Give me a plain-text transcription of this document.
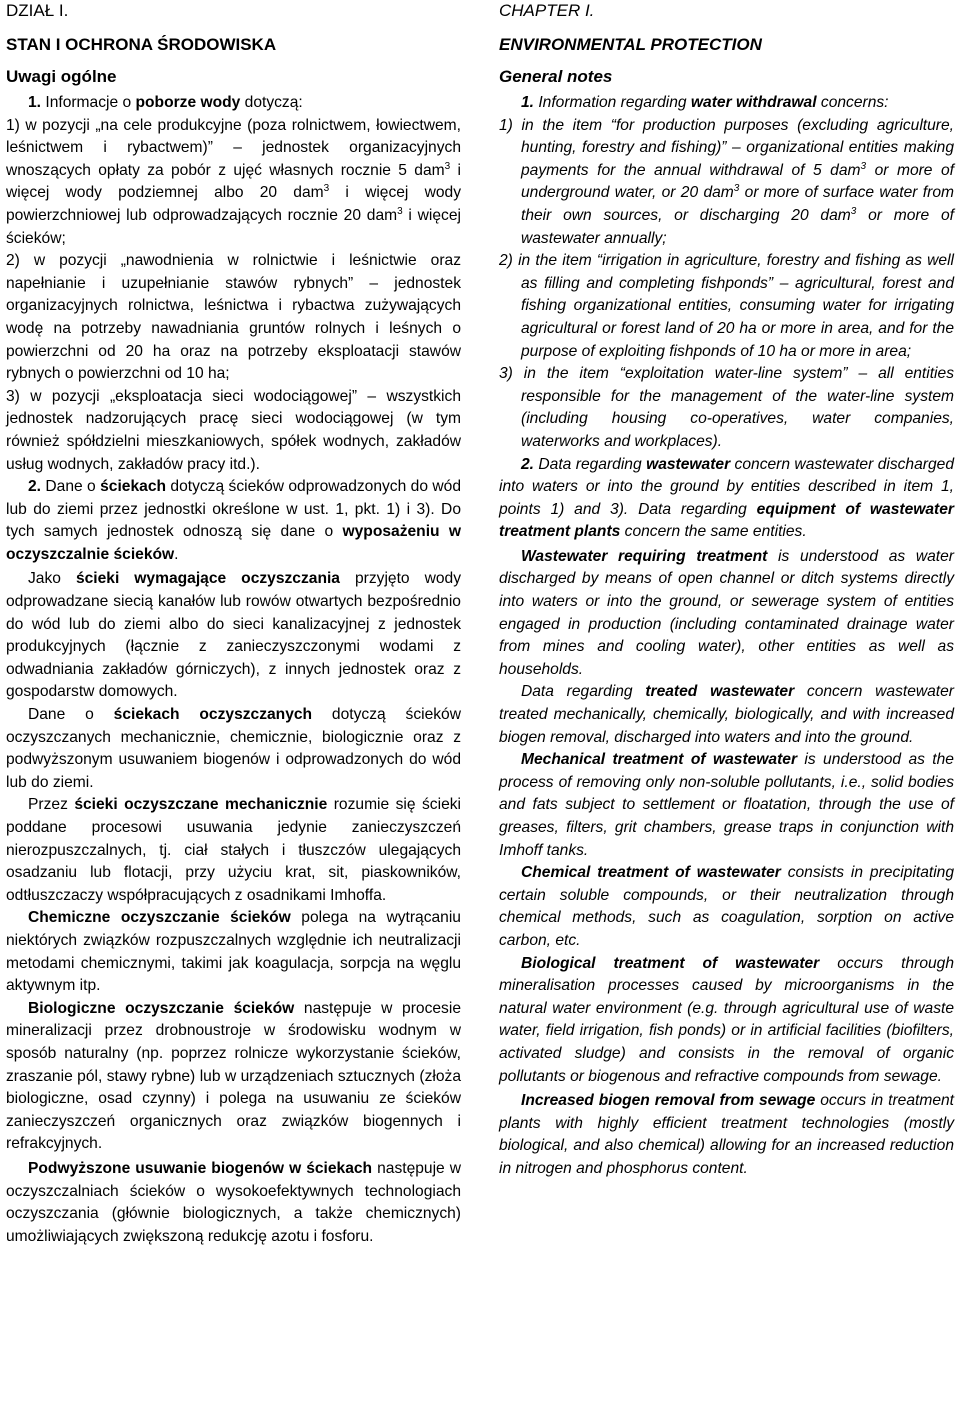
DZIAŁ I.

STAN I OCHRONA ŚRODOWISKA

Uwagi ogólne

1. Informacje o poborze wody dotyczą:

1) w pozycji „na cele produkcyjne (poza rolnictwem, łowiectwem, leśnictwem i rybactwem)” – jednostek organizacyjnych wnoszących opłaty za pobór z ujęć własnych rocznie 5 dam$^3$ i więcej wody podziemnej albo 20 dam$^3$ i więcej wody powierzchniowej lub odprowadzających rocznie 20 dam$^3$ i więcej ścieków;

2) w pozycji „nawodnienia w rolnictwie i leśnictwie oraz napełnianie i uzupełnianie stawów rybnych” – jednostek organizacyjnych rolnictwa, leśnictwa i rybactwa zużywających wodę na potrzeby nawadniania gruntów rolnych i leśnych o powierzchni od 20 ha oraz na potrzeby eksploatacji stawów rybnych o powierzchni od 10 ha;

3) w pozycji „eksploatacja sieci wodociągowej” – wszystkich jednostek nadzorujących pracę sieci wodociągowej (w tym również spółdzielni mieszkaniowych, spółek wodnych, zakładów usług wodnych, zakładów pracy itd.).

2. Dane o ściekach dotyczą ścieków odprowadzonych do wód lub do ziemi przez jednostki określone w ust. 1, pkt. 1) i 3). Do tych samych jednostek odnoszą się dane o wyposażeniu w oczyszczalnie ścieków.

Jako ścieki wymagające oczyszczania przyjęto wody odprowadzane siecią kanałów lub rowów otwartych bezpośrednio do wód lub do ziemi albo do sieci kanalizacyjnej z jednostek produkcyjnych (łącznie z zanieczyszczonymi wodami z odwadniania zakładów górniczych), z innych jednostek oraz z gospodarstw domowych.

Dane o ściekach oczyszczanych dotyczą ścieków oczyszczanych mechanicznie, chemicznie, biologicznie oraz z podwyższonym usuwaniem biogenów i odprowadzonych do wód lub do ziemi.

Przez ścieki oczyszczane mechanicznie rozumie się ścieki poddane procesowi usuwania jedynie zanieczyszczeń nierozpuszczalnych, tj. ciał stałych i tłuszczów ulegających osadzaniu lub flotacji, przy użyciu krat, sit, piaskowników, odtłuszczaczy współpracujących z osadnikami Imhoffa.

Chemiczne oczyszczanie ścieków polega na wytrącaniu niektórych związków rozpuszczalnych względnie ich neutralizacji metodami chemicznymi, takimi jak koagulacja, sorpcja na węglu aktywnym itp.

Biologiczne oczyszczanie ścieków następuje w procesie mineralizacji przez drobnoustroje w środowisku wodnym w sposób naturalny (np. poprzez rolnicze wykorzystanie ścieków, zraszanie pól, stawy rybne) lub w urządzeniach sztucznych (złoża biologiczne, osad czynny) i polega na usuwaniu ze ścieków zanieczyszczeń organicznych oraz związków biogennych i refrakcyjnych.

Podwyższone usuwanie biogenów w ściekach następuje w oczyszczalniach ścieków o wysokoefektywnych technologiach oczyszczania (głównie biologicznych, a także chemicznych) umożliwiających zwiększoną redukcję azotu i fosforu.

CHAPTER I.

ENVIRONMENTAL PROTECTION

General notes

1. Information regarding water withdrawal concerns:

1) in the item “for production purposes (excluding agriculture, hunting, forestry and fishing)” – organizational entities making payments for the annual withdrawal of 5 dam$^3$ or more of underground water, or 20 dam$^3$ or more of surface water from their own sources, or discharging 20 dam$^3$ or more of wastewater annually;

2) in the item “irrigation in agriculture, forestry and fishing as well as filling and completing fishponds” – agricultural, forest and fishing organizational entities, consuming water for irrigating agricultural or forest land of 20 ha or more in area, and for the purpose of exploiting fishponds of 10 ha or more in area;

3) in the item “exploitation water-line system” – all entities responsible for the management of the water-line system (including housing co-operatives, water companies, waterworks and workplaces).

2. Data regarding wastewater concern wastewater discharged into waters or into the ground by entities described in item 1, points 1) and 3). Data regarding equipment of wastewater treatment plants concern the same entities.

Wastewater requiring treatment is understood as water discharged by means of open channel or ditch systems directly into waters or into the ground, or sewerage system of entities engaged in production (including contaminated drainage water from mines and cooling water), other entities as well as households.

Data regarding treated wastewater concern wastewater treated mechanically, chemically, biologically, and with increased biogen removal, discharged into waters and into the ground.

Mechanical treatment of wastewater is understood as the process of removing only non-soluble pollutants, i.e., solid bodies and fats subject to settlement or floatation, through the use of greases, filters, grit chambers, grease traps in conjunction with Imhoff tanks.

Chemical treatment of wastewater consists in precipitating certain soluble compounds, or their neutralization through chemical methods, such as coagulation, sorption on active carbon, etc.

Biological treatment of wastewater occurs through mineralisation processes caused by microorganisms in the natural water environment (e.g. through agricultural use of waste water, field irrigation, fish ponds) or in artificial facilities (biofilters, activated sludge) and consists in the removal of organic pollutants or biogenous and refractive compounds from sewage.

Increased biogen removal from sewage occurs in treatment plants with highly efficient treatment technologies (mostly biological, and also chemical) allowing for an increased reduction in nitrogen and phosphorus content.
